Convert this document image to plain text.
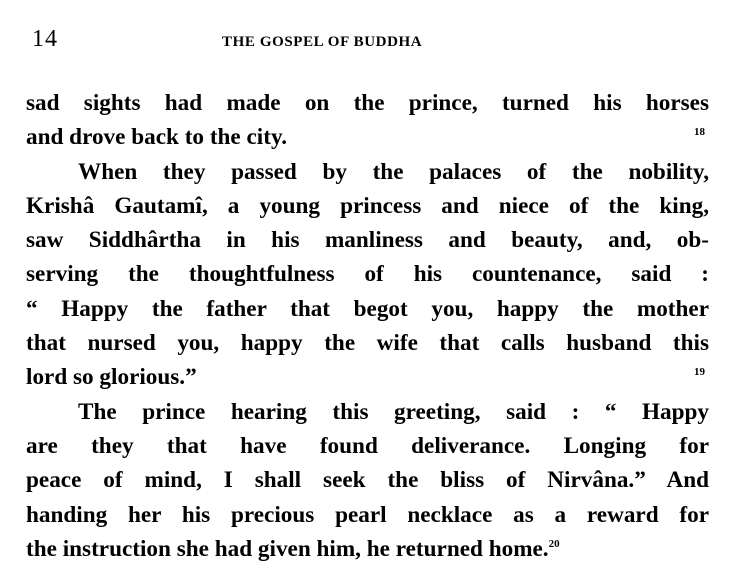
14	THE GOSPEL OF BUDDHA
sad sights had made on the prince, turned his horses
and drove back to the city.	18
When they passed by the palaces of the nobility,
Krishâ Gautamî, a young princess and niece of the king,
saw Siddhârtha in his manliness and beauty, and, ob-
serving the thoughtfulness of his countenance, said :
“ Happy the father that begot you, happy the mother
that nursed you, happy the wife that calls husband this
lord so glorious.”	19
The prince hearing this greeting, said : “ Happy
are they that have found deliverance. Longing for
peace of mind, I shall seek the bliss of Nirvâna.” And
handing her his precious pearl necklace as a reward for
the instruction she had given him, he returned home.$^{20}$
